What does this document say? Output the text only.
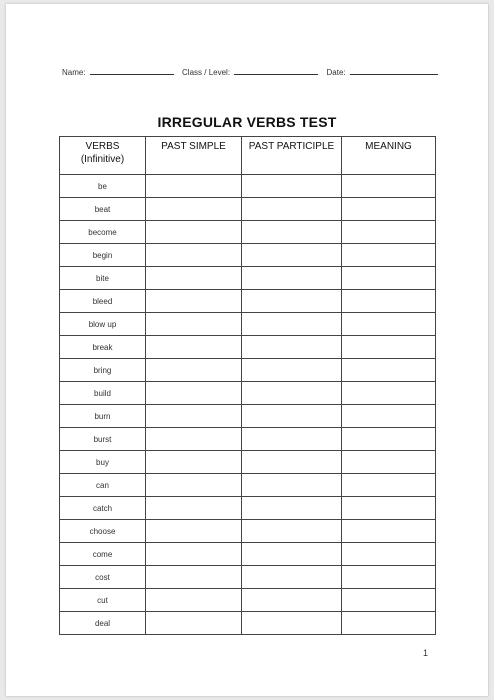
Name:	Class / Level:	Date:
IRREGULAR VERBS TEST
VERBS
(Infinitive)	PAST SIMPLE	PAST PARTICIPLE	MEANING
be			
beat			
become			
begin			
bite			
bleed			
blow up			
break			
bring			
build			
burn			
burst			
buy			
can			
catch			
choose			
come			
cost			
cut			
deal			
1
